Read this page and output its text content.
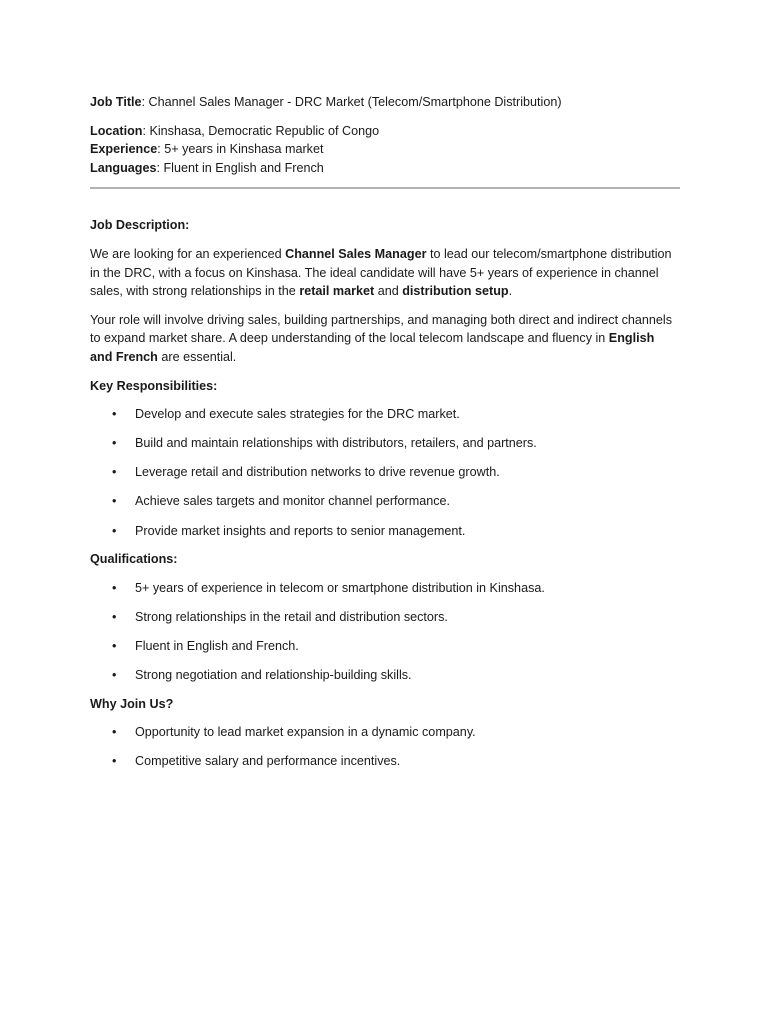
Job Title: Channel Sales Manager - DRC Market (Telecom/Smartphone Distribution)

Location: Kinshasa, Democratic Republic of Congo

Experience: 5+ years in Kinshasa market

Languages: Fluent in English and French

Job Description:

We are looking for an experienced Channel Sales Manager to lead our telecom/smartphone distribution in the DRC, with a focus on Kinshasa. The ideal candidate will have 5+ years of experience in channel sales, with strong relationships in the retail market and distribution setup.

Your role will involve driving sales, building partnerships, and managing both direct and indirect channels to expand market share. A deep understanding of the local telecom landscape and fluency in English and French are essential.

Key Responsibilities:

• Develop and execute sales strategies for the DRC market.
• Build and maintain relationships with distributors, retailers, and partners.
• Leverage retail and distribution networks to drive revenue growth.
• Achieve sales targets and monitor channel performance.
• Provide market insights and reports to senior management.

Qualifications:

• 5+ years of experience in telecom or smartphone distribution in Kinshasa.
• Strong relationships in the retail and distribution sectors.
• Fluent in English and French.
• Strong negotiation and relationship-building skills.

Why Join Us?

• Opportunity to lead market expansion in a dynamic company.
• Competitive salary and performance incentives.
